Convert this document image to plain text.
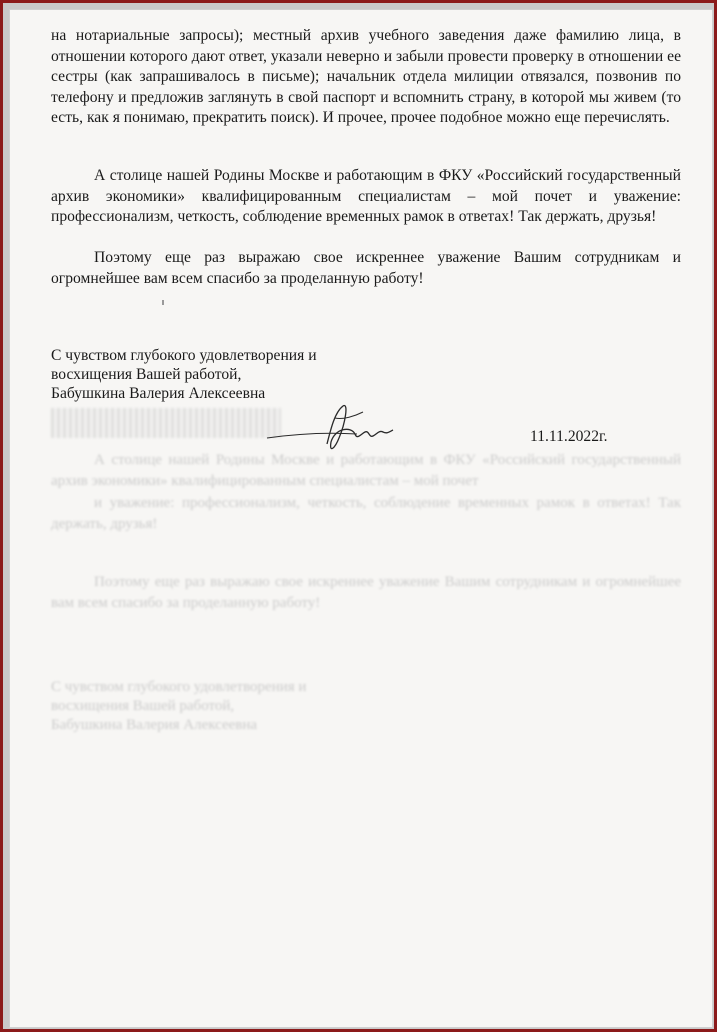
А столице нашей Родины Москве и работающим в ФКУ «Российский государственный архив экономики» квалифицированным специалистам – мой почет
и уважение: профессионализм, четкость, соблюдение временных рамок в ответах! Так держать, друзья!
Поэтому еще раз выражаю свое искреннее уважение Вашим сотрудникам и огромнейшее вам всем спасибо за проделанную работу!
С чувством глубокого удовлетворения и
восхищения Вашей работой,
Бабушкина Валерия Алексеевна
на нотариальные запросы); местный архив учебного заведения даже фамилию лица, в отношении которого дают ответ, указали неверно и забыли провести проверку в отношении ее сестры (как запрашивалось в письме); начальник отдела милиции отвязался, позвонив по телефону и предложив заглянуть в свой паспорт и вспомнить страну, в которой мы живем (то есть, как я понимаю, прекратить поиск). И прочее, прочее подобное можно еще перечислять.
А столице нашей Родины Москве и работающим в ФКУ «Российский государственный архив экономики» квалифицированным специалистам – мой почет и уважение: профессионализм, четкость, соблюдение временных рамок в ответах! Так держать, друзья!
Поэтому еще раз выражаю свое искреннее уважение Вашим сотрудникам и огромнейшее вам всем спасибо за проделанную работу!
С чувством глубокого удовлетворения и
восхищения Вашей работой,
Бабушкина Валерия Алексеевна
11.11.2022г.
